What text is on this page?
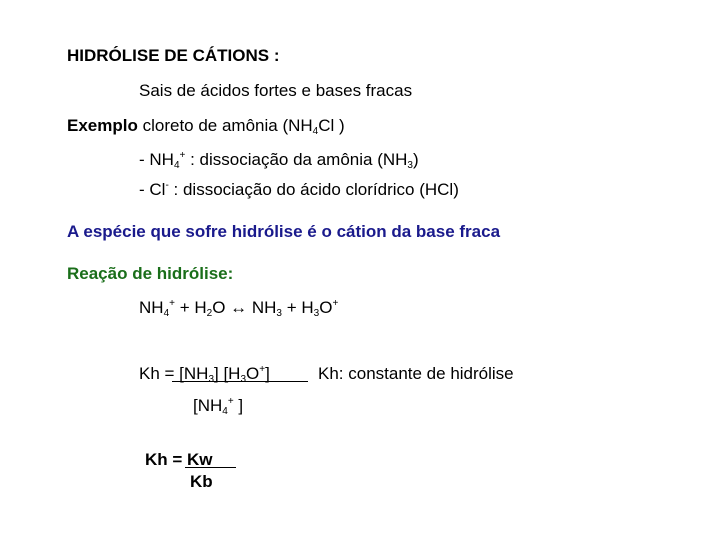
HIDRÓLISE DE CÁTIONS :
Sais de ácidos fortes e bases fracas
Exemplo cloreto de amônia ($NH_4Cl$ )
- $NH_4^+$ : dissociação da amônia $(NH_3)$
- Cl- : dissociação do ácido clorídrico (HCl)
A espécie que sofre hidrólise é o cátion da base fraca
Reação de hidrólise:
$NH_4^+ + H_2O$ ↔ $NH_3 + H_3O^+$
$Kh = [NH_3]$ $[H_3O^+]$	Kh: constante de hidrólise
[$NH_4^+$ ]
Kh = Kw
Kb
